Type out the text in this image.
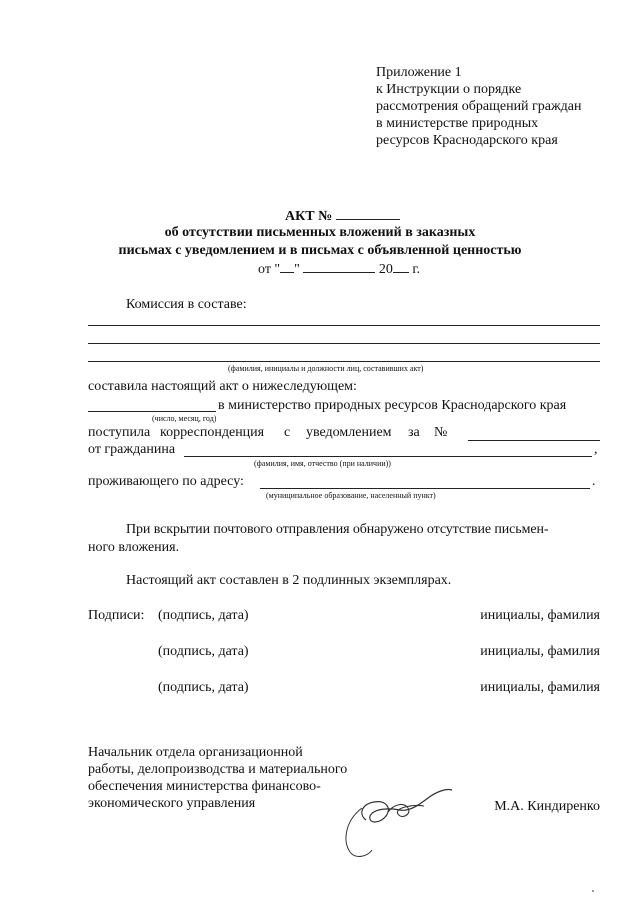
Приложение 1
к Инструкции о порядке
рассмотрения обращений граждан
в министерстве природных
ресурсов Краснодарского края
АКТ №
об отсутствии письменных вложений в заказных
письмах с уведомлением и в письмах с объявленной ценностью
от " "	20 г.
Комиссия в составе:
(фамилия, инициалы и должности лиц, составивших акт)
составила настоящий акт о нижеследующем:
в министерство природных ресурсов Краснодарского края
(число, месяц, год)
поступила корреспонденция с уведомлением за №
от гражданина	,
(фамилия, имя, отчество (при наличии))
проживающего по адресу:	.
(муниципальное образование, населенный пункт)
При вскрытии почтового отправления обнаружено отсутствие письмен-
ного вложения.
Настоящий акт составлен в 2 подлинных экземплярах.
Подписи: (подпись, дата)	инициалы, фамилия
(подпись, дата)	инициалы, фамилия
(подпись, дата)	инициалы, фамилия
Начальник отдела организационной
работы, делопроизводства и материального
обеспечения министерства финансово-
экономического управления	М.А. Киндиренко
